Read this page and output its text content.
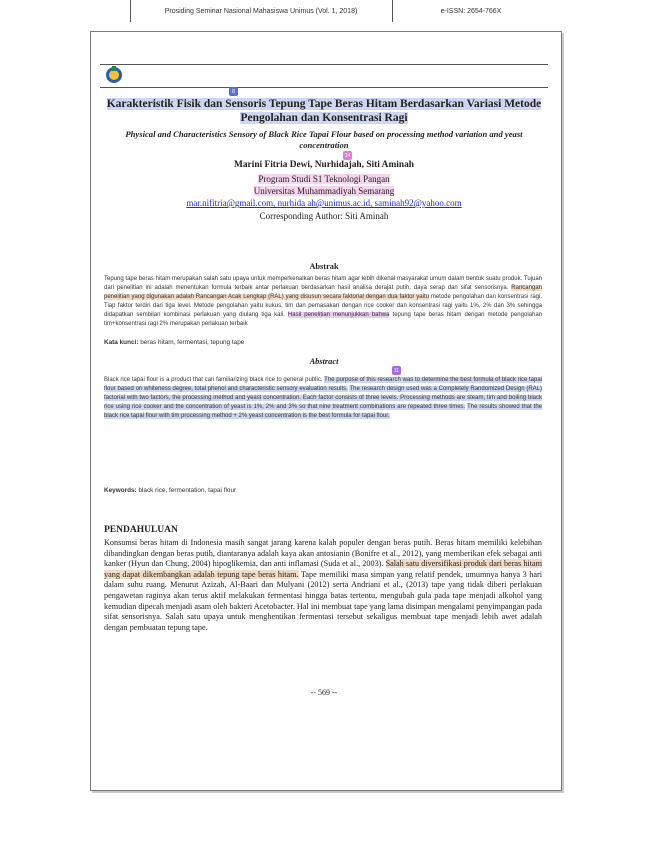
Prosiding Seminar Nasional Mahasiswa Unimus (Vol. 1, 2018)	e-ISSN: 2654-766X
8
Karakteristik Fisik dan Sensoris Tepung Tape Beras Hitam Berdasarkan Variasi Metode Pengolahan dan Konsentrasi Ragi
Physical and Characteristics Sensory of Black Rice Tapai Flour based on processing method variation and yeast concentration
14
Marini Fitria Dewi, Nurhidajah, Siti Aminah
Program Studi S1 Teknologi Pangan
Universitas Muhammadiyah Semarang
mar.nifitria@gmail.com, nurhida ah@unimus.ac.id, saminah92@yahoo.com
Corresponding Author: Siti Aminah
Abstrak
Tepung tape beras hitam merupakan salah satu upaya untuk memperkenalkan beras hitam agar lebih dikenal masyarakat umum dalam bentuk suatu produk. Tujuan dari penelitian ini adalah menentukan formula terbaik antar perlakuan berdasarkan hasil analisa derajat putih, daya serap dan sifat sensorisnya. Rancangan penelitian yang digunakan adalah Rancangan Acak Lengkap (RAL) yang disusun secara faktorial dengan dua faktor yaitu metode pengolahan dan konsentrasi ragi. Tiap faktor terdiri dari tiga level. Metode pengolahan yaitu kukus, tim dan pemasakan dengan rice cooker dan konsentrasi ragi yaitu 1%, 2% dan 3% sehingga didapatkan sembilan kombinasi perlakuan yang diulang tiga kali. Hasil penelitian menunjukkan bahwa tepung tape beras hitam dengan metode pengolahan tim+konsentrasi ragi 2% merupakan perlakuan terbaik
Kata kunci: beras hitam, fermentasi, tepung tape
Abstract
11
Black rice tapai flour is a product that can familiarizing black rice to general public. The purpose of this research was to determine the best formula of black rice tapai flour based on whiteness degree, total phenol and characteristic sensory evaluation results. The research design used was a Completely Randomized Design (RAL) factorial with two factors, the processing method and yeast concentration. Each factor consists of three levels. Processing methods are steam, tim and boiling black rice using rice cooker and the concentration of yeast is 1%, 2% and 3% so that nine treatment combinations are repeated three times. The results showed that the black rice tapai flour with tim processing method + 2% yeast concentration is the best formula for tapai flour.
Keywords: black rice, fermentation, tapai flour
PENDAHULUAN
Konsumsi beras hitam di Indonesia masih sangat jarang karena kalah populer dengan beras putih. Beras hitam memiliki kelebihan dibandingkan dengan beras putih, diantaranya adalah kaya akan antosianin (Bonifre et al., 2012), yang memberikan efek sebagai anti kanker (Hyun dan Chung, 2004) hipoglikemia, dan anti inflamasi (Suda et al., 2003). Salah satu diversifikasi produk dari beras hitam yang dapat dikembangkan adalah tepung tape beras hitam. Tape memiliki masa simpan yang relatif pendek, umumnya hanya 3 hari dalam suhu ruang. Menurut Azizah, Al-Baari dan Mulyani (2012) serta Andriani et al., (2013) tape yang tidak diberi perlakuan pengawetan raginya akan terus aktif melakukan fermentasi hingga batas tertentu, mengubah gula pada tape menjadi alkohol yang kemudian dipecah menjadi asam oleh bakteri Acetobacter. Hal ini membuat tape yang lama disimpan mengalami penyimpangan pada sifat sensorisnya. Salah satu upaya untuk menghentikan fermentasi tersebut sekaligus membuat tape menjadi lebih awet adalah dengan pembuatan tepung tape.
-- 569 --
